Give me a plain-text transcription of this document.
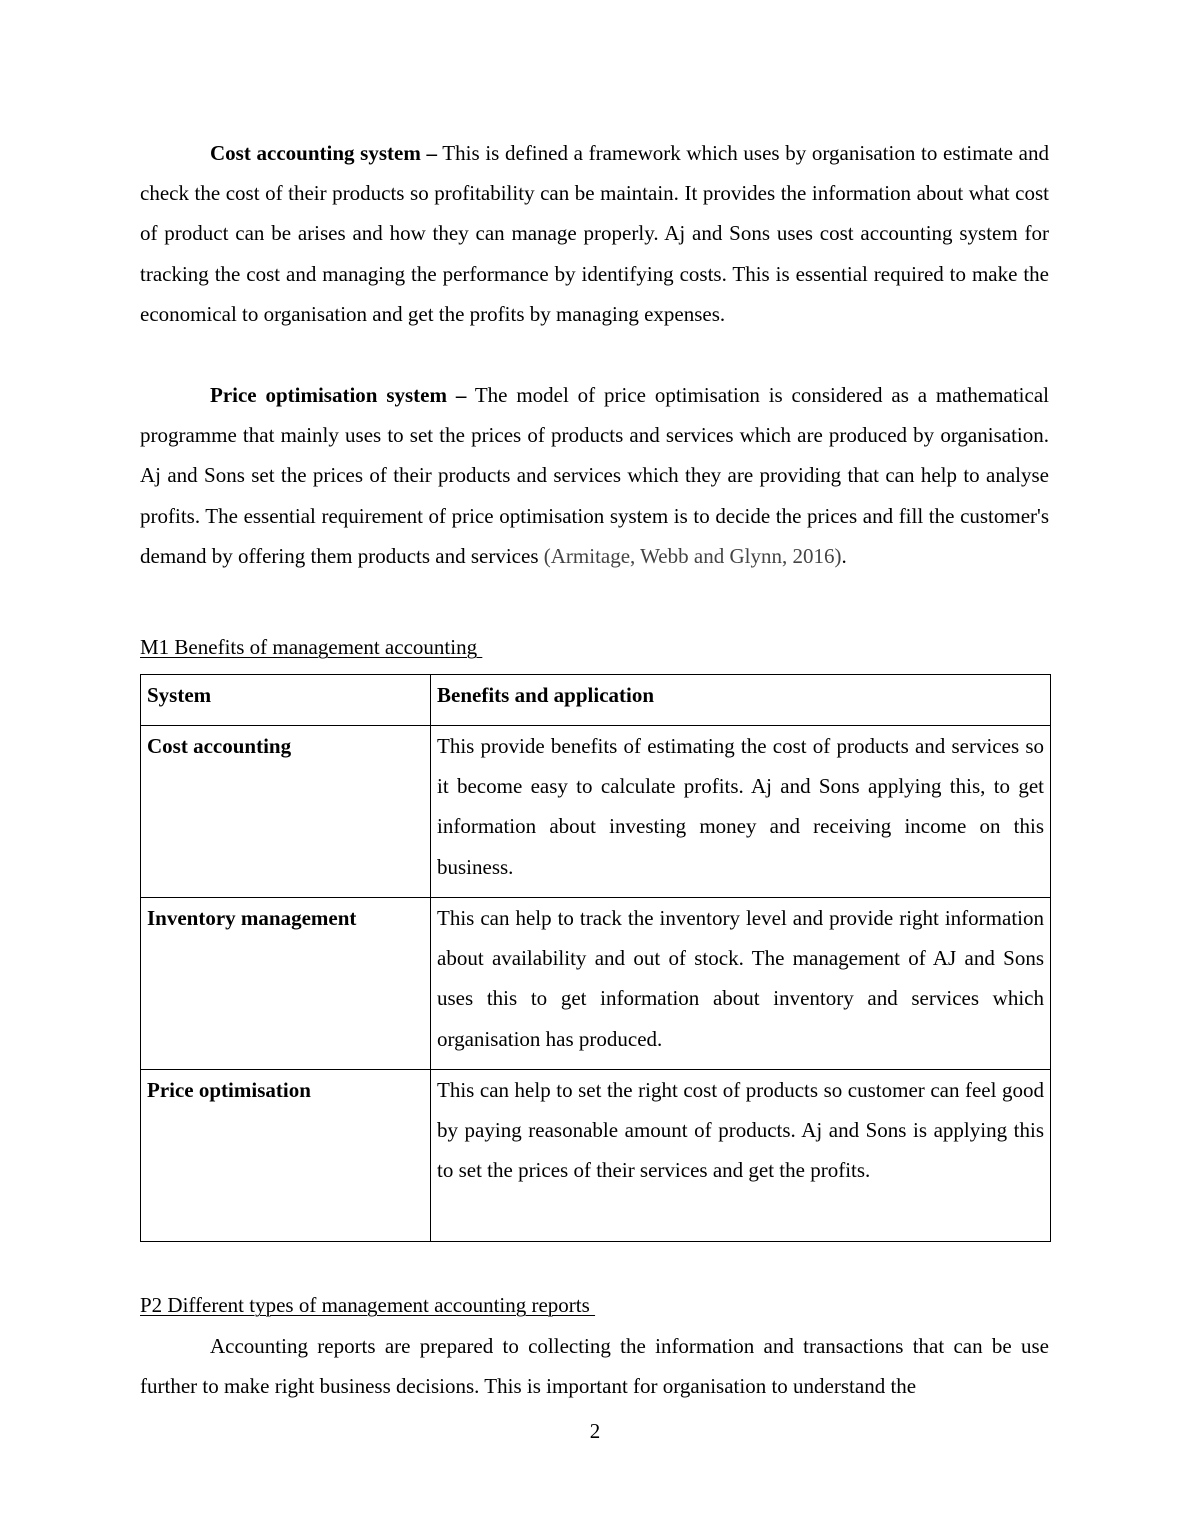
Cost accounting system – This is defined a framework which uses by organisation to estimate and check the cost of their products so profitability can be maintain. It provides the information about what cost of product can be arises and how they can manage properly. Aj and Sons uses cost accounting system for tracking the cost and managing the performance by identifying costs. This is essential required to make the economical to organisation and get the profits by managing expenses.

Price optimisation system – The model of price optimisation is considered as a mathematical programme that mainly uses to set the prices of products and services which are produced by organisation. Aj and Sons set the prices of their products and services which they are providing that can help to analyse profits. The essential requirement of price optimisation system is to decide the prices and fill the customer's demand by offering them products and services (Armitage, Webb and Glynn, 2016).

M1 Benefits of management accounting

System	Benefits and application

Cost accounting	This provide benefits of estimating the cost of products and services so it become easy to calculate profits. Aj and Sons applying this, to get information about investing money and receiving income on this business.

Inventory management	This can help to track the inventory level and provide right information about availability and out of stock. The management of AJ and Sons uses this to get information about inventory and services which organisation has produced.

Price optimisation	This can help to set the right cost of products so customer can feel good by paying reasonable amount of products. Aj and Sons is applying this to set the prices of their services and get the profits.

P2 Different types of management accounting reports

Accounting reports are prepared to collecting the information and transactions that can be use further to make right business decisions. This is important for organisation to understand the

2
